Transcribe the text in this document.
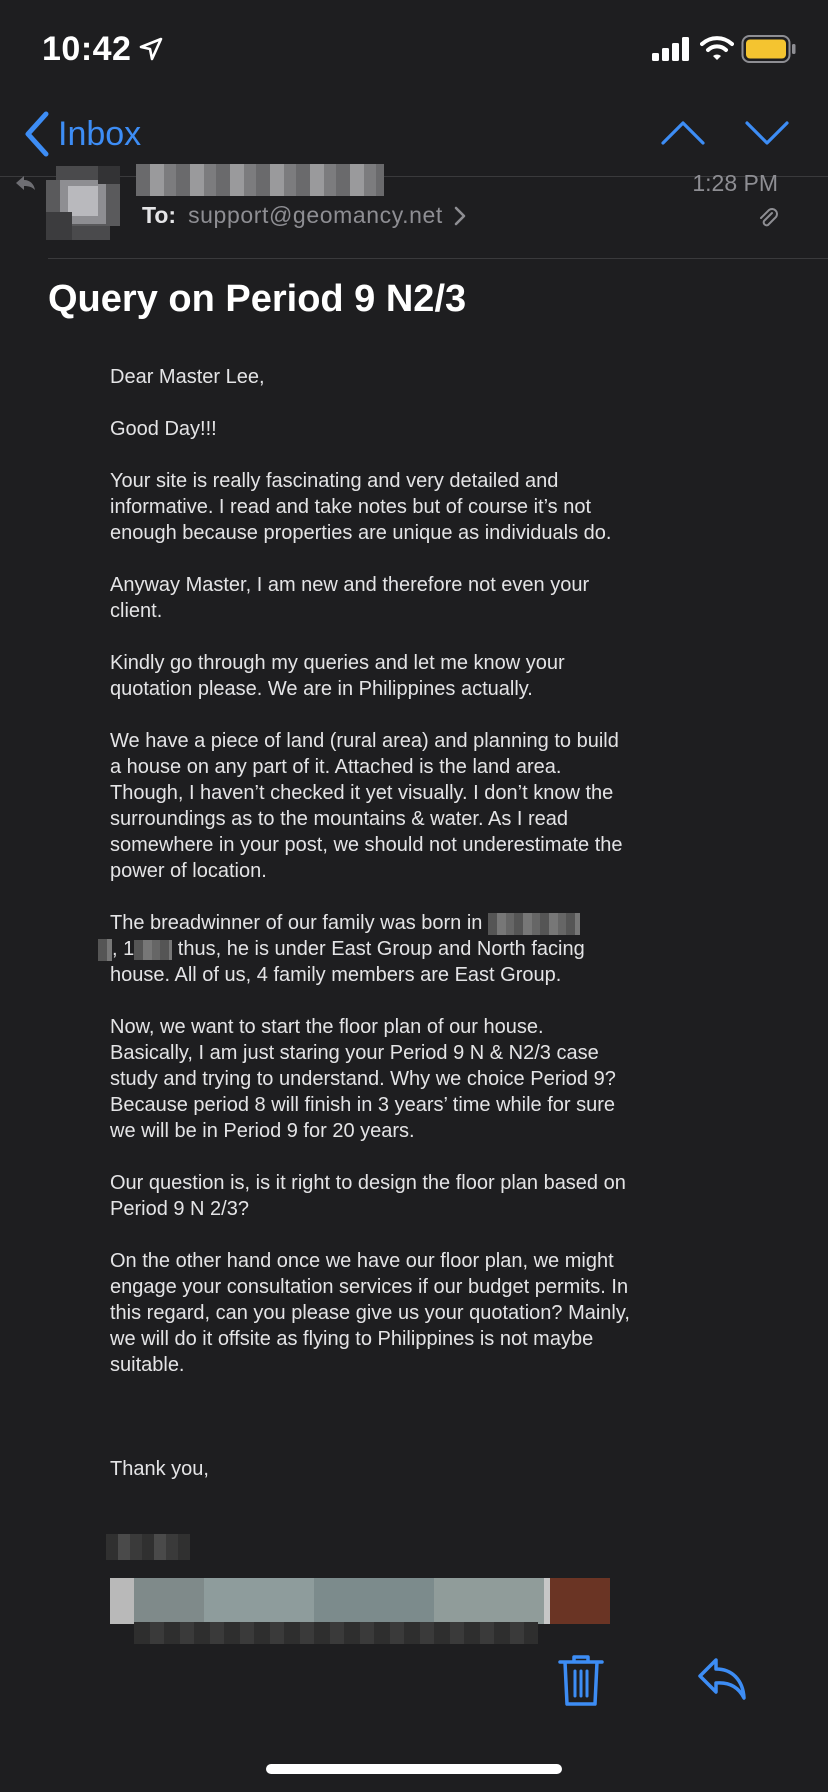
10:42
Inbox
To: support@geomancy.net
1:28 PM
Query on Period 9 N2/3

Dear Master Lee,

Good Day!!!

Your site is really fascinating and very detailed and informative. I read and take notes but of course it’s not enough because properties are unique as individuals do.

Anyway Master, I am new and therefore not even your client.

Kindly go through my queries and let me know your quotation please. We are in Philippines actually.

We have a piece of land (rural area) and planning to build a house on any part of it. Attached is the land area. Though, I haven’t checked it yet visually. I don’t know the surroundings as to the mountains & water. As I read somewhere in your post, we should not underestimate the power of location.

The breadwinner of our family was born in
, 1 thus, he is under East Group and North facing house. All of us, 4 family members are East Group.

Now, we want to start the floor plan of our house. Basically, I am just staring your Period 9 N & N2/3 case study and trying to understand. Why we choice Period 9? Because period 8 will finish in 3 years’ time while for sure we will be in Period 9 for 20 years.

Our question is, is it right to design the floor plan based on Period 9 N 2/3?

On the other hand once we have our floor plan, we might engage your consultation services if our budget permits. In this regard, can you please give us your quotation? Mainly, we will do it offsite as flying to Philippines is not maybe suitable.

Thank you,
